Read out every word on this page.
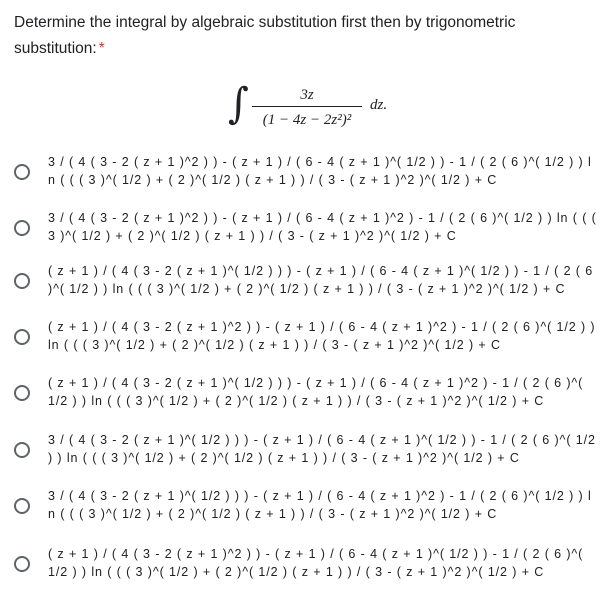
Determine the integral by algebraic substitution first then by trigonometric substitution: *
∫	3z
(1 − 4z − 2z²)²
dz.
3 / ( 4 ( 3 - 2 ( z + 1 )^2 ) ) - ( z + 1 ) / ( 6 - 4 ( z + 1 )^( 1/2 ) ) - 1 / ( 2 ( 6 )^( 1/2 ) ) ln ( ( ( 3 )^( 1/2 ) + ( 2 )^( 1/2 ) ( z + 1 ) ) / ( 3 - ( z + 1 )^2 )^( 1/2 ) + C
3 / ( 4 ( 3 - 2 ( z + 1 )^2 ) ) - ( z + 1 ) / ( 6 - 4 ( z + 1 )^2 ) - 1 / ( 2 ( 6 )^( 1/2 ) ) ln ( ( ( 3 )^( 1/2 ) + ( 2 )^( 1/2 ) ( z + 1 ) ) / ( 3 - ( z + 1 )^2 )^( 1/2 ) + C
( z + 1 ) / ( 4 ( 3 - 2 ( z + 1 )^( 1/2 ) ) ) - ( z + 1 ) / ( 6 - 4 ( z + 1 )^( 1/2 ) ) - 1 / ( 2 ( 6 )^( 1/2 ) ) ln ( ( ( 3 )^( 1/2 ) + ( 2 )^( 1/2 ) ( z + 1 ) ) / ( 3 - ( z + 1 )^2 )^( 1/2 ) + C
( z + 1 ) / ( 4 ( 3 - 2 ( z + 1 )^2 ) ) - ( z + 1 ) / ( 6 - 4 ( z + 1 )^2 ) - 1 / ( 2 ( 6 )^( 1/2 ) ) ln ( ( ( 3 )^( 1/2 ) + ( 2 )^( 1/2 ) ( z + 1 ) ) / ( 3 - ( z + 1 )^2 )^( 1/2 ) + C
( z + 1 ) / ( 4 ( 3 - 2 ( z + 1 )^( 1/2 ) ) ) - ( z + 1 ) / ( 6 - 4 ( z + 1 )^2 ) - 1 / ( 2 ( 6 )^( 1/2 ) ) ln ( ( ( 3 )^( 1/2 ) + ( 2 )^( 1/2 ) ( z + 1 ) ) / ( 3 - ( z + 1 )^2 )^( 1/2 ) + C
3 / ( 4 ( 3 - 2 ( z + 1 )^( 1/2 ) ) ) - ( z + 1 ) / ( 6 - 4 ( z + 1 )^( 1/2 ) ) - 1 / ( 2 ( 6 )^( 1/2 ) ) ln ( ( ( 3 )^( 1/2 ) + ( 2 )^( 1/2 ) ( z + 1 ) ) / ( 3 - ( z + 1 )^2 )^( 1/2 ) + C
3 / ( 4 ( 3 - 2 ( z + 1 )^( 1/2 ) ) ) - ( z + 1 ) / ( 6 - 4 ( z + 1 )^2 ) - 1 / ( 2 ( 6 )^( 1/2 ) ) ln ( ( ( 3 )^( 1/2 ) + ( 2 )^( 1/2 ) ( z + 1 ) ) / ( 3 - ( z + 1 )^2 )^( 1/2 ) + C
( z + 1 ) / ( 4 ( 3 - 2 ( z + 1 )^2 ) ) - ( z + 1 ) / ( 6 - 4 ( z + 1 )^( 1/2 ) ) - 1 / ( 2 ( 6 )^( 1/2 ) ) ln ( ( ( 3 )^( 1/2 ) + ( 2 )^( 1/2 ) ( z + 1 ) ) / ( 3 - ( z + 1 )^2 )^( 1/2 ) + C
